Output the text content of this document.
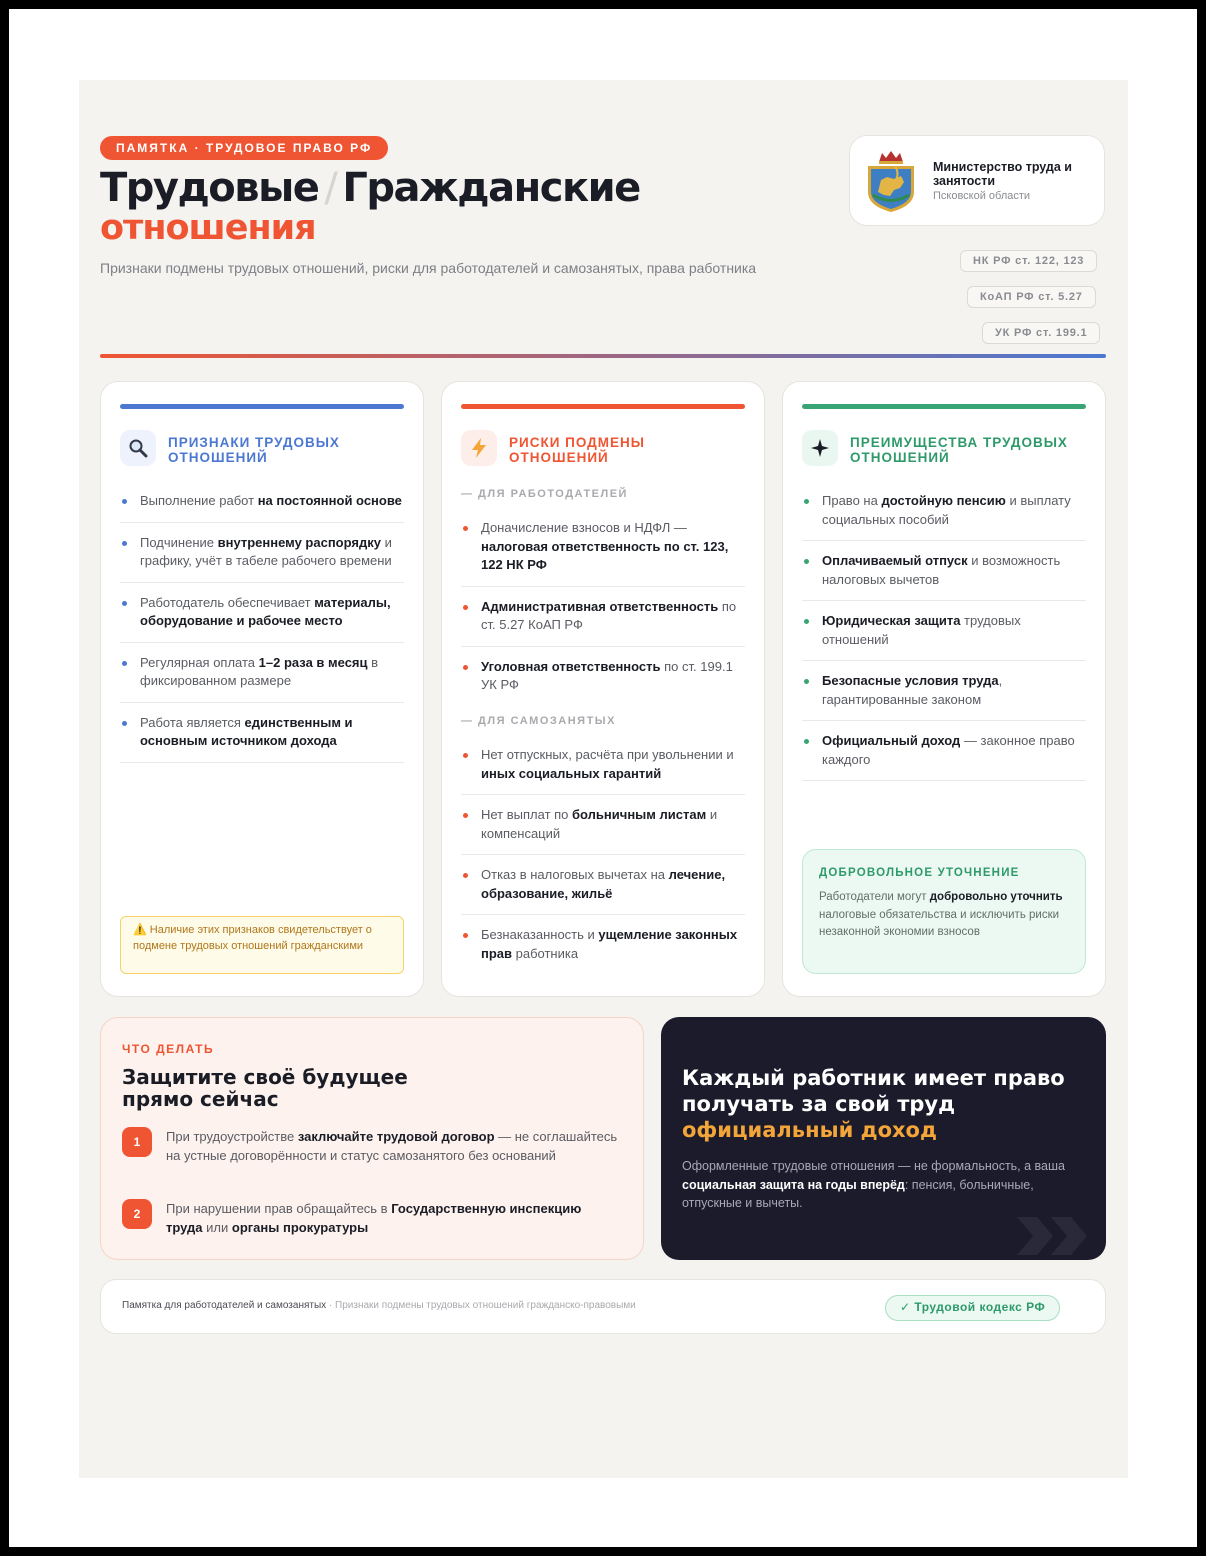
ПАМЯТКА · ТРУДОВОЕ ПРАВО РФ
Трудовые / Гражданские
отношения
Признаки подмены трудовых отношений, риски для работодателей и самозанятых, права работника
Министерство труда и занятости
Псковской области
НК РФ ст. 122, 123
КоАП РФ ст. 5.27
УК РФ ст. 199.1
ПРИЗНАКИ ТРУДОВЫХ ОТНОШЕНИЙ
Выполнение работ на постоянной основе
Подчинение внутреннему распорядку и графику, учёт в табеле рабочего времени
Работодатель обеспечивает материалы, оборудование и рабочее место
Регулярная оплата 1–2 раза в месяц в фиксированном размере
Работа является единственным и основным источником дохода
⚠️ Наличие этих признаков свидетельствует о подмене трудовых отношений гражданскими
РИСКИ ПОДМЕНЫ ОТНОШЕНИЙ
— ДЛЯ РАБОТОДАТЕЛЕЙ
Доначисление взносов и НДФЛ — налоговая ответственность по ст. 123, 122 НК РФ
Административная ответственность по ст. 5.27 КоАП РФ
Уголовная ответственность по ст. 199.1 УК РФ
— ДЛЯ САМОЗАНЯТЫХ
Нет отпускных, расчёта при увольнении и иных социальных гарантий
Нет выплат по больничным листам и компенсаций
Отказ в налоговых вычетах на лечение, образование, жильё
Безнаказанность и ущемление законных прав работника
ПРЕИМУЩЕСТВА ТРУДОВЫХ ОТНОШЕНИЙ
Право на достойную пенсию и выплату социальных пособий
Оплачиваемый отпуск и возможность налоговых вычетов
Юридическая защита трудовых отношений
Безопасные условия труда, гарантированные законом
Официальный доход — законное право каждого
ДОБРОВОЛЬНОЕ УТОЧНЕНИЕ
Работодатели могут добровольно уточнить налоговые обязательства и исключить риски незаконной экономии взносов
ЧТО ДЕЛАТЬ
Защитите своё будущее прямо сейчас
1	При трудоустройстве заключайте трудовой договор — не соглашайтесь на устные договорённости и статус самозанятого без оснований
2	При нарушении прав обращайтесь в Государственную инспекцию труда или органы прокуратуры
Каждый работник имеет право получать за свой труд
официальный доход
Оформленные трудовые отношения — не формальность, а ваша социальная защита на годы вперёд: пенсия, больничные, отпускные и вычеты.
Памятка для работодателей и самозанятых · Признаки подмены трудовых отношений гражданско-правовыми	✓ Трудовой кодекс РФ
